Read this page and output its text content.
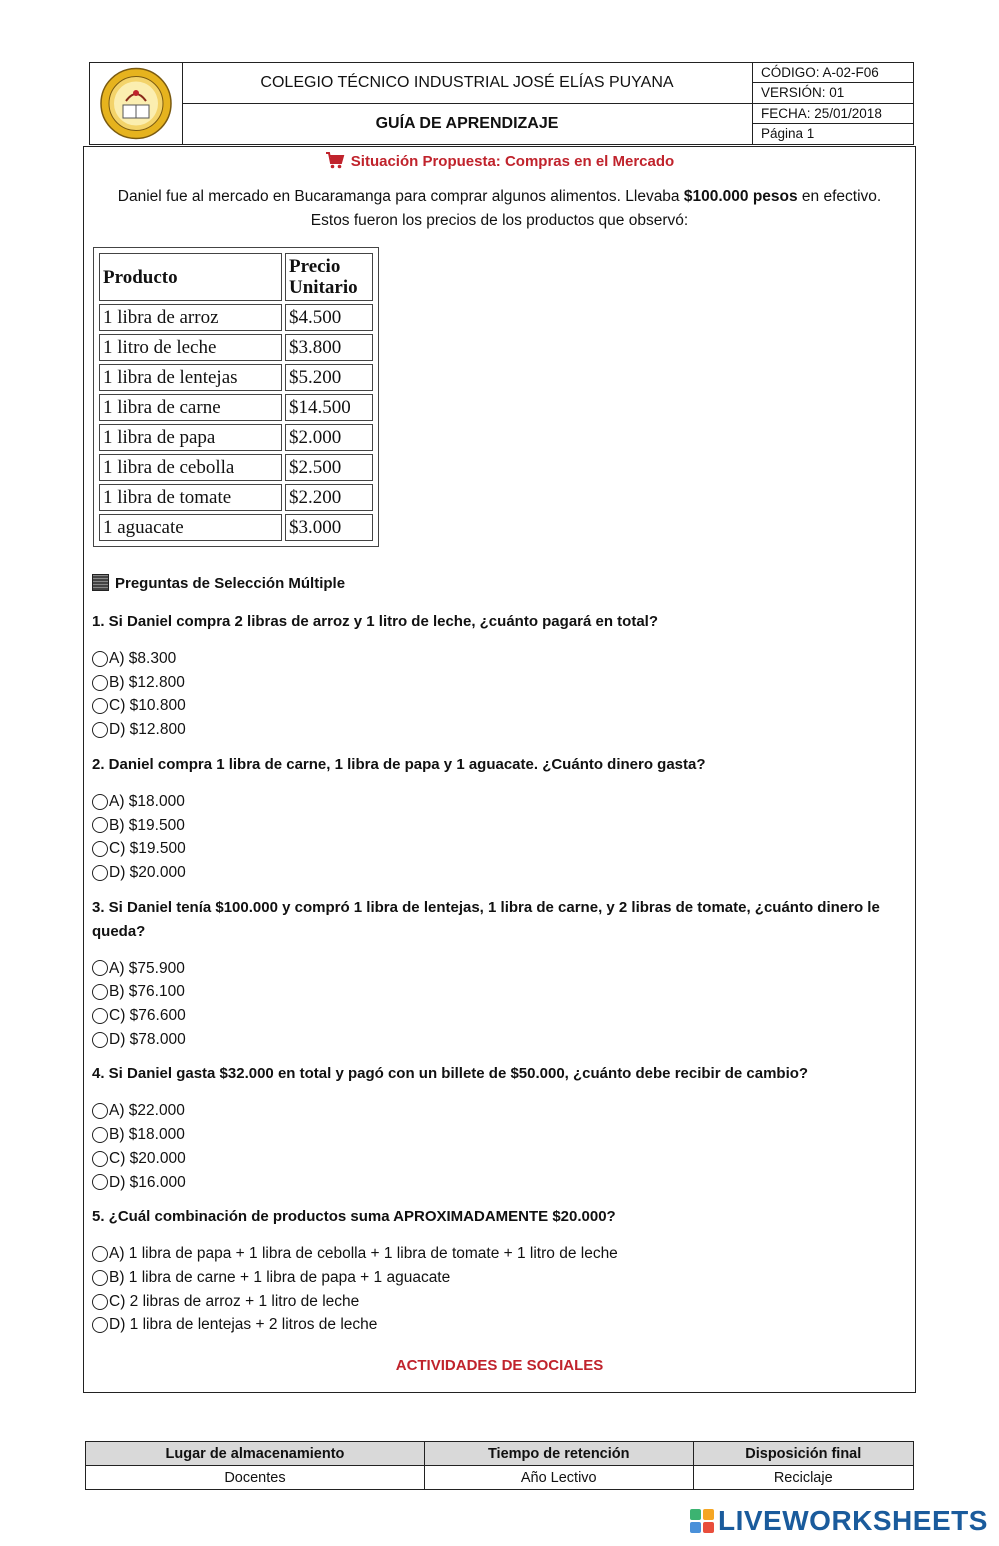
COLEGIO TÉCNICO INDUSTRIAL JOSÉ ELÍAS PUYANA
GUÍA DE APRENDIZAJE
CÓDIGO: A-02-F06
VERSIÓN: 01
FECHA: 25/01/2018
Página 1
Situación Propuesta: Compras en el Mercado
Daniel fue al mercado en Bucaramanga para comprar algunos alimentos. Llevaba $100.000 pesos en efectivo.
Estos fueron los precios de los productos que observó:
Producto	Precio
Unitario
1 libra de arroz	$4.500
1 litro de leche	$3.800
1 libra de lentejas	$5.200
1 libra de carne	$14.500
1 libra de papa	$2.000
1 libra de cebolla	$2.500
1 libra de tomate	$2.200
1 aguacate	$3.000
Preguntas de Selección Múltiple
1. Si Daniel compra 2 libras de arroz y 1 litro de leche, ¿cuánto pagará en total?
A) $8.300
B) $12.800
C) $10.800
D) $12.800
2. Daniel compra 1 libra de carne, 1 libra de papa y 1 aguacate. ¿Cuánto dinero gasta?
A) $18.000
B) $19.500
C) $19.500
D) $20.000
3. Si Daniel tenía $100.000 y compró 1 libra de lentejas, 1 libra de carne, y 2 libras de tomate, ¿cuánto dinero le queda?
A) $75.900
B) $76.100
C) $76.600
D) $78.000
4. Si Daniel gasta $32.000 en total y pagó con un billete de $50.000, ¿cuánto debe recibir de cambio?
A) $22.000
B) $18.000
C) $20.000
D) $16.000
5. ¿Cuál combinación de productos suma APROXIMADAMENTE $20.000?
A) 1 libra de papa + 1 libra de cebolla + 1 libra de tomate + 1 litro de leche
B) 1 libra de carne + 1 libra de papa + 1 aguacate
C) 2 libras de arroz + 1 litro de leche
D) 1 libra de lentejas + 2 litros de leche
ACTIVIDADES DE SOCIALES
Lugar de almacenamiento	Tiempo de retención	Disposición final
Docentes	Año Lectivo	Reciclaje
LIVEWORKSHEETS
